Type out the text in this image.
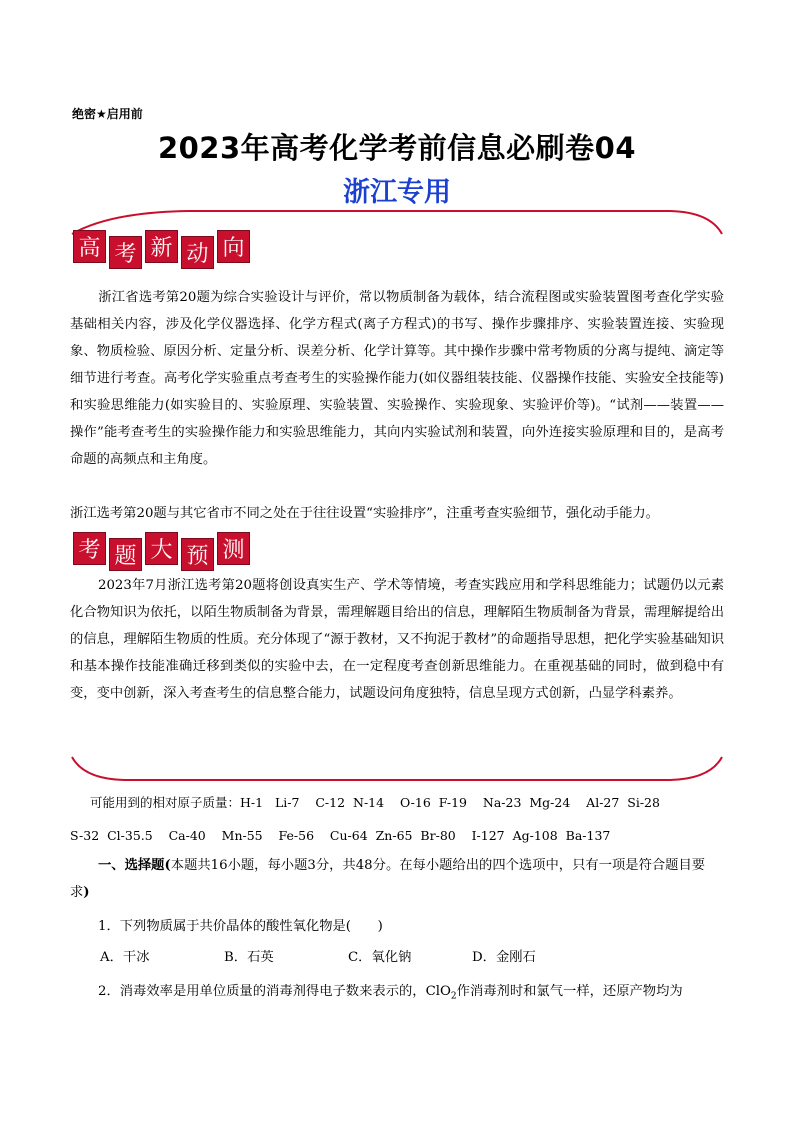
绝密★启用前
2023年高考化学考前信息必刷卷04
浙江专用
高 考 新 动 向
浙江省选考第20题为综合实验设计与评价，常以物质制备为载体，结合流程图或实验装置图考查化学实验基础相关内容，涉及化学仪器选择、化学方程式(离子方程式)的书写、操作步骤排序、实验装置连接、实验现象、物质检验、原因分析、定量分析、误差分析、化学计算等。其中操作步骤中常考物质的分离与提纯、滴定等细节进行考查。高考化学实验重点考查考生的实验操作能力(如仪器组装技能、仪器操作技能、实验安全技能等)和实验思维能力(如实验目的、实验原理、实验装置、实验操作、实验现象、实验评价等)。“试剂——装置——操作”能考查考生的实验操作能力和实验思维能力，其向内实验试剂和装置，向外连接实验原理和目的，是高考命题的高频点和主角度。
浙江选考第20题与其它省市不同之处在于往往设置“实验排序”，注重考查实验细节，强化动手能力。
考 题 大 预 测
2023年7月浙江选考第20题将创设真实生产、学术等情境，考查实践应用和学科思维能力；试题仍以元素化合物知识为依托，以陌生物质制备为背景，需理解题目给出的信息，理解陌生物质制备为背景，需理解提给出的信息，理解陌生物质的性质。充分体现了“源于教材，又不拘泥于教材”的命题指导思想，把化学实验基础知识和基本操作技能准确迁移到类似的实验中去，在一定程度考查创新思维能力。在重视基础的同时，做到稳中有变，变中创新，深入考查考生的信息整合能力，试题设问角度独特，信息呈现方式创新，凸显学科素养。
可能用到的相对原子质量：H-1   Li-7    C-12  N-14    O-16  F-19    Na-23  Mg-24    Al-27  Si-28
S-32  Cl-35.5    Ca-40    Mn-55    Fe-56    Cu-64  Zn-65  Br-80    I-127  Ag-108  Ba-137
一、选择题(本题共16小题，每小题3分，共48分。在每小题给出的四个选项中，只有一项是符合题目要求)
1．下列物质属于共价晶体的酸性氧化物是(　　)
A．干冰	B．石英	C．氧化钠	D．金刚石
2．消毒效率是用单位质量的消毒剂得电子数来表示的，ClO$_2$作消毒剂时和氯气一样，还原产物均为
